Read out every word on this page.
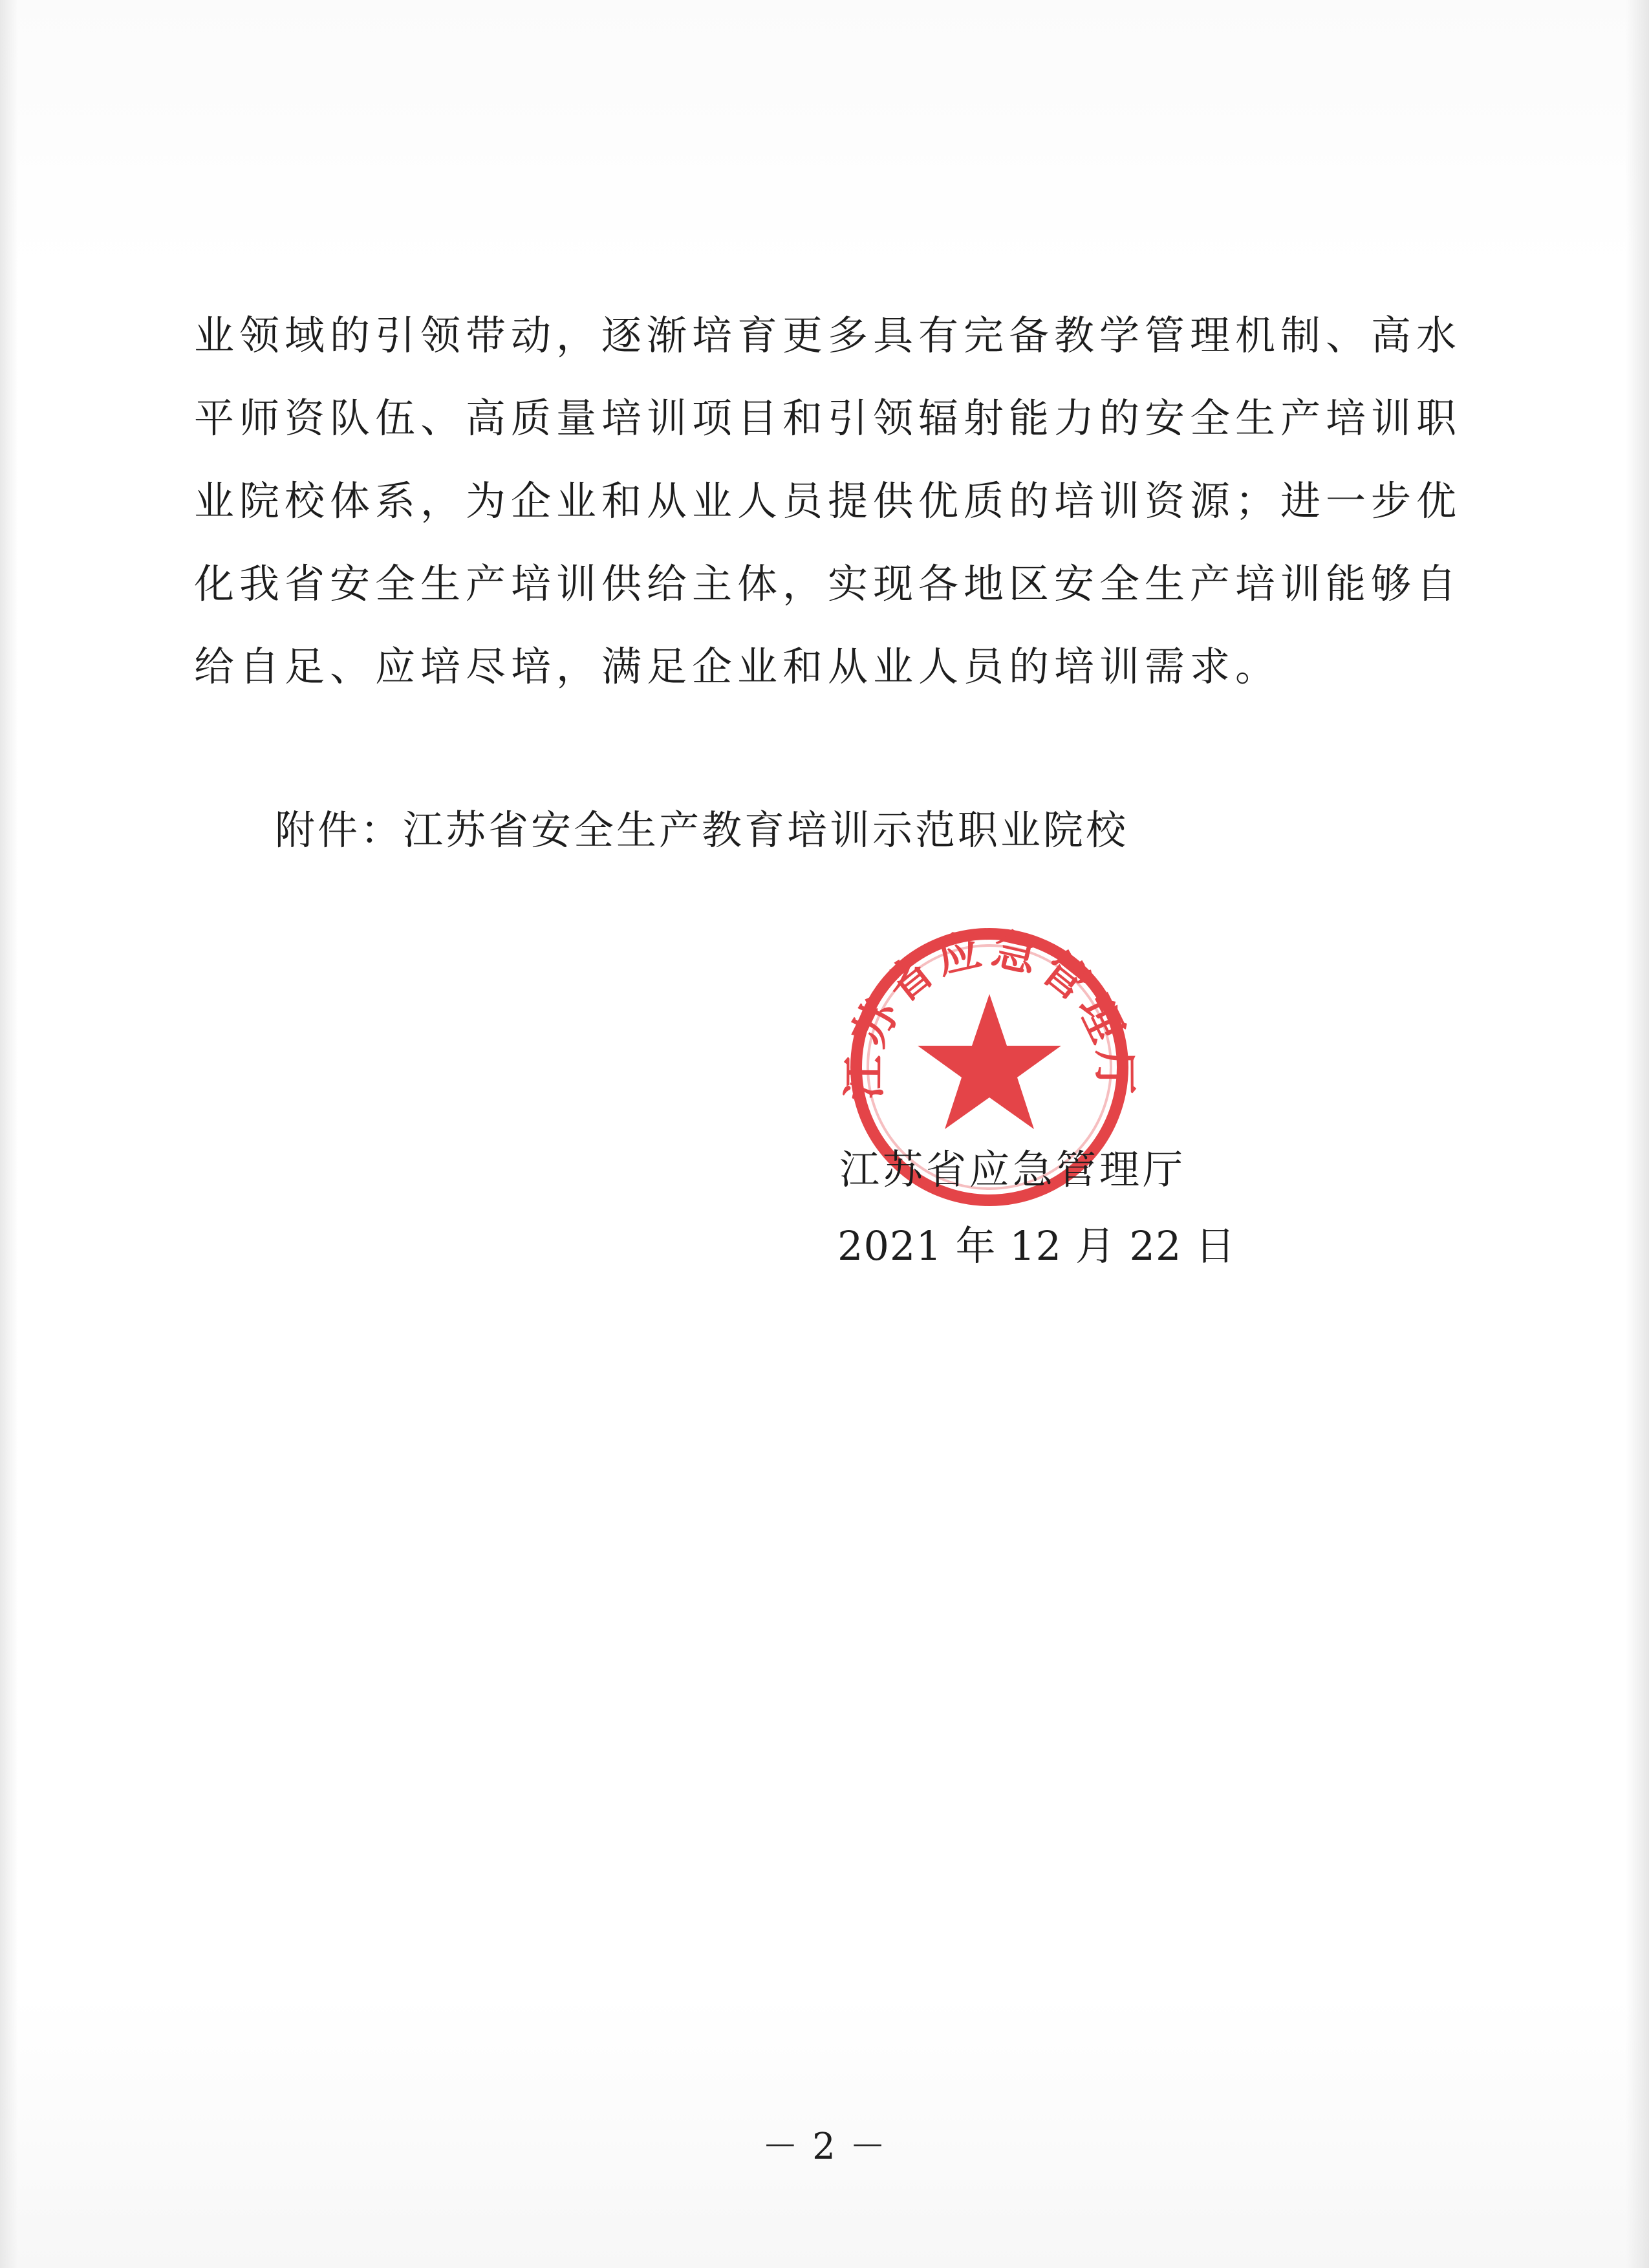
业领域的引领带动，逐渐培育更多具有完备教学管理机制、高水
平师资队伍、高质量培训项目和引领辐射能力的安全生产培训职
业院校体系，为企业和从业人员提供优质的培训资源；进一步优
化我省安全生产培训供给主体，实现各地区安全生产培训能够自
给自足、应培尽培，满足企业和从业人员的培训需求。
附件：江苏省安全生产教育培训示范职业院校
江苏省应急管理厅
江苏省应急管理厅
2021 年 12 月 22 日
－ 2 －
